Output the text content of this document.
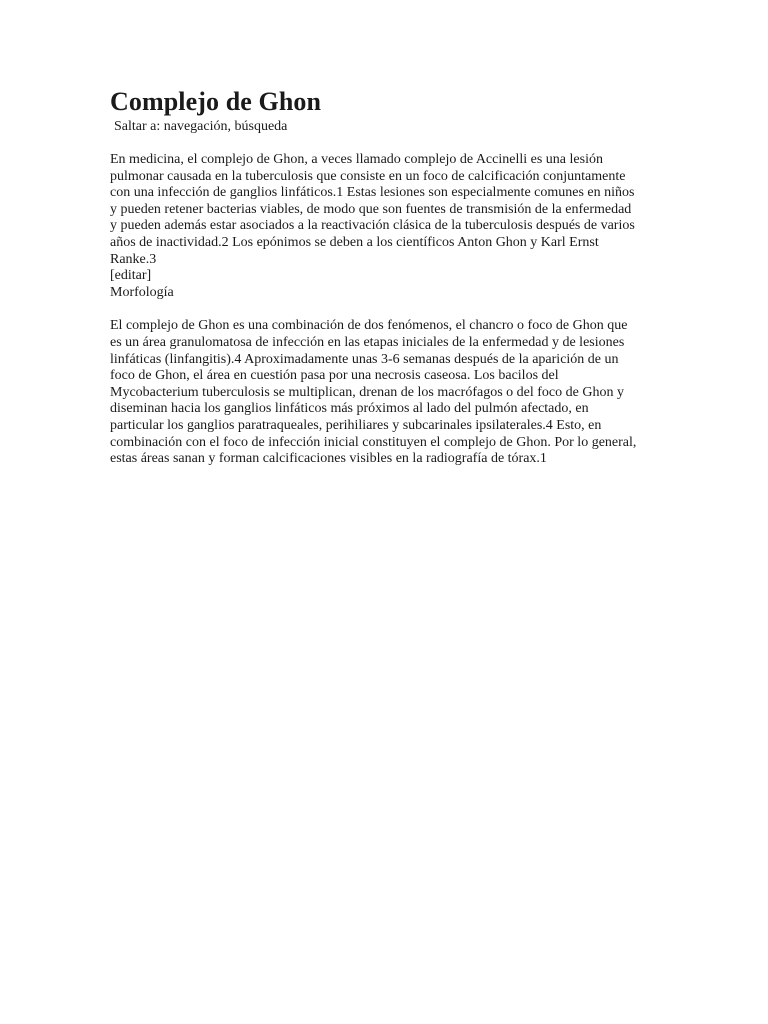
Complejo de Ghon

Saltar a: navegación, búsqueda

En medicina, el complejo de Ghon, a veces llamado complejo de Accinelli es una lesión pulmonar causada en la tuberculosis que consiste en un foco de calcificación conjuntamente con una infección de ganglios linfáticos.1 Estas lesiones son especialmente comunes en niños y pueden retener bacterias viables, de modo que son fuentes de transmisión de la enfermedad y pueden además estar asociados a la reactivación clásica de la tuberculosis después de varios años de inactividad.2 Los epónimos se deben a los científicos Anton Ghon y Karl Ernst Ranke.3

[editar]

Morfología

El complejo de Ghon es una combinación de dos fenómenos, el chancro o foco de Ghon que es un área granulomatosa de infección en las etapas iniciales de la enfermedad y de lesiones linfáticas (linfangitis).4 Aproximadamente unas 3-6 semanas después de la aparición de un foco de Ghon, el área en cuestión pasa por una necrosis caseosa. Los bacilos del Mycobacterium tuberculosis se multiplican, drenan de los macrófagos o del foco de Ghon y diseminan hacia los ganglios linfáticos más próximos al lado del pulmón afectado, en particular los ganglios paratraqueales, perihiliares y subcarinales ipsilaterales.4 Esto, en combinación con el foco de infección inicial constituyen el complejo de Ghon. Por lo general, estas áreas sanan y forman calcificaciones visibles en la radiografía de tórax.1
